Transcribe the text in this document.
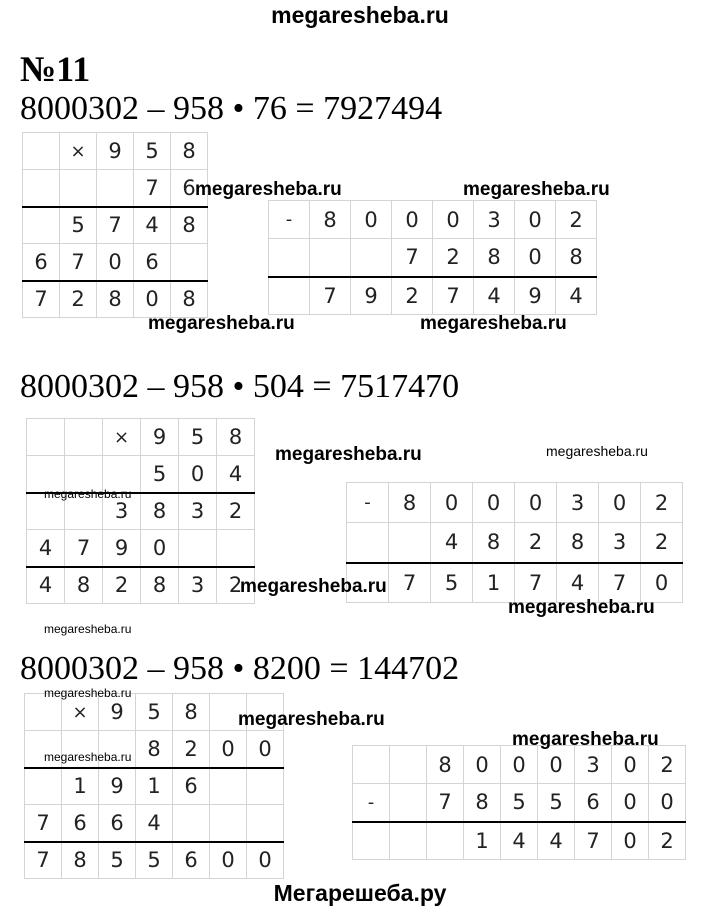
megaresheba.ru
№11
8000302 – 958 • 76 = 7927494
	×	9	5	8
			7	6
	5	7	4	8
6	7	0	6	
7	2	8	0	8
-	8	0	0	0	3	0	2
			7	2	8	0	8
	7	9	2	7	4	9	4
8000302 – 958 • 504 = 7517470
		×	9	5	8
			5	0	4
		3	8	3	2
4	7	9	0		
4	8	2	8	3	2
-	8	0	0	0	3	0	2
		4	8	2	8	3	2
	7	5	1	7	4	7	0
8000302 – 958 • 8200 = 144702
	×	9	5	8		
			8	2	0	0
	1	9	1	6		
7	6	6	4			
7	8	5	5	6	0	0
		8	0	0	0	3	0	2
-		7	8	5	5	6	0	0
			1	4	4	7	0	2
megaresheba.ru	megaresheba.ru
megaresheba.ru	megaresheba.ru
megaresheba.ru	megaresheba.ru
megaresheba.ru
megaresheba.ru
megaresheba.ru
megaresheba.ru
megaresheba.ru
megaresheba.ru
megaresheba.ru
megaresheba.ru
Мегарешеба.ру
